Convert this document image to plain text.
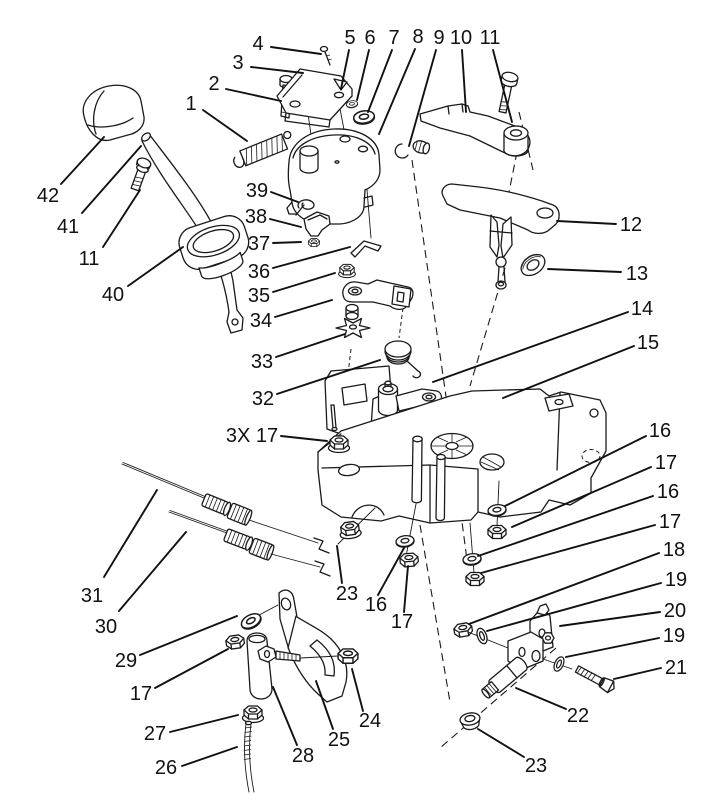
1
2
3
4	5 6 7 8 9 10 11
12
13
14
15
16
17
16
17
18
19
20
19
21
22
23
23 16
17
31
30
29
17
27
26
28
25
24
42
41
11
40
39
38
37
36
35
34
33
32
3X 17
